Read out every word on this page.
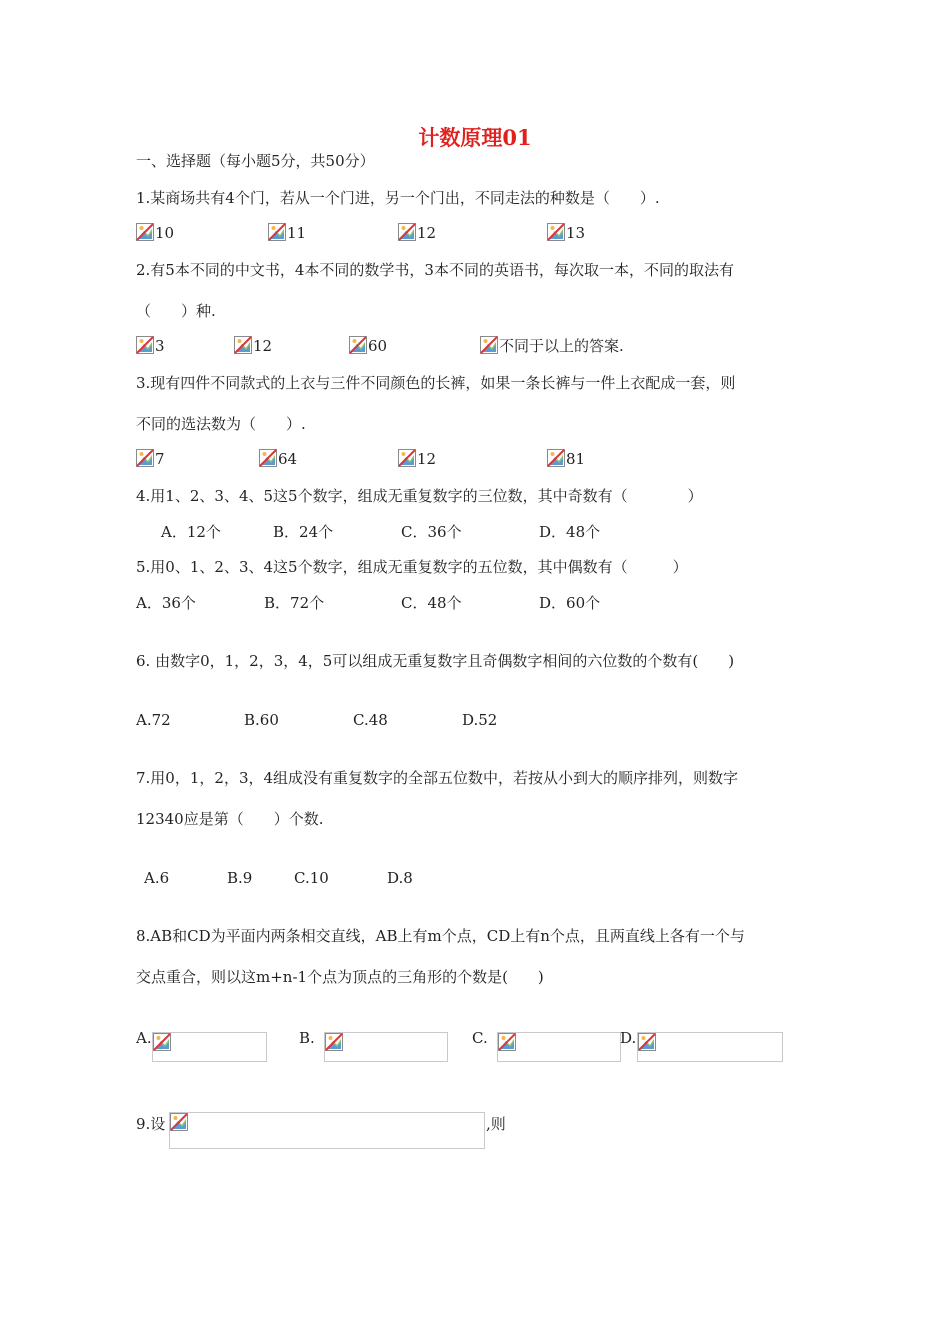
计数原理01
一、选择题（每小题5分，共50分）
1.某商场共有4个门，若从一个门进，另一个门出，不同走法的种数是（　　）.
10	11	12	13
2.有5本不同的中文书，4本不同的数学书，3本不同的英语书，每次取一本，不同的取法有
（　　）种.
3	12	60	不同于以上的答案.
3.现有四件不同款式的上衣与三件不同颜色的长裤，如果一条长裤与一件上衣配成一套，则
不同的选法数为（　　）.
7	64	12	81
4.用1、2、3、4、5这5个数字，组成无重复数字的三位数，其中奇数有（　　　　）
A．12个	B．24个	C．36个	D．48个
5.用0、1、2、3、4这5个数字，组成无重复数字的五位数，其中偶数有（　　　）
A．36个	B．72个	C．48个	D．60个
6. 由数字0，1，2，3，4，5可以组成无重复数字且奇偶数字相间的六位数的个数有(　　)
A.72	B.60	C.48	D.52
7.用0，1，2，3，4组成没有重复数字的全部五位数中，若按从小到大的顺序排列，则数字
12340应是第（　　）个数.
A.6	B.9	C.10	D.8
8.AB和CD为平面内两条相交直线，AB上有m个点，CD上有n个点，且两直线上各有一个与
交点重合，则以这m+n-1个点为顶点的三角形的个数是(　　)
A.	B.	C.	D.
9.设	,则
